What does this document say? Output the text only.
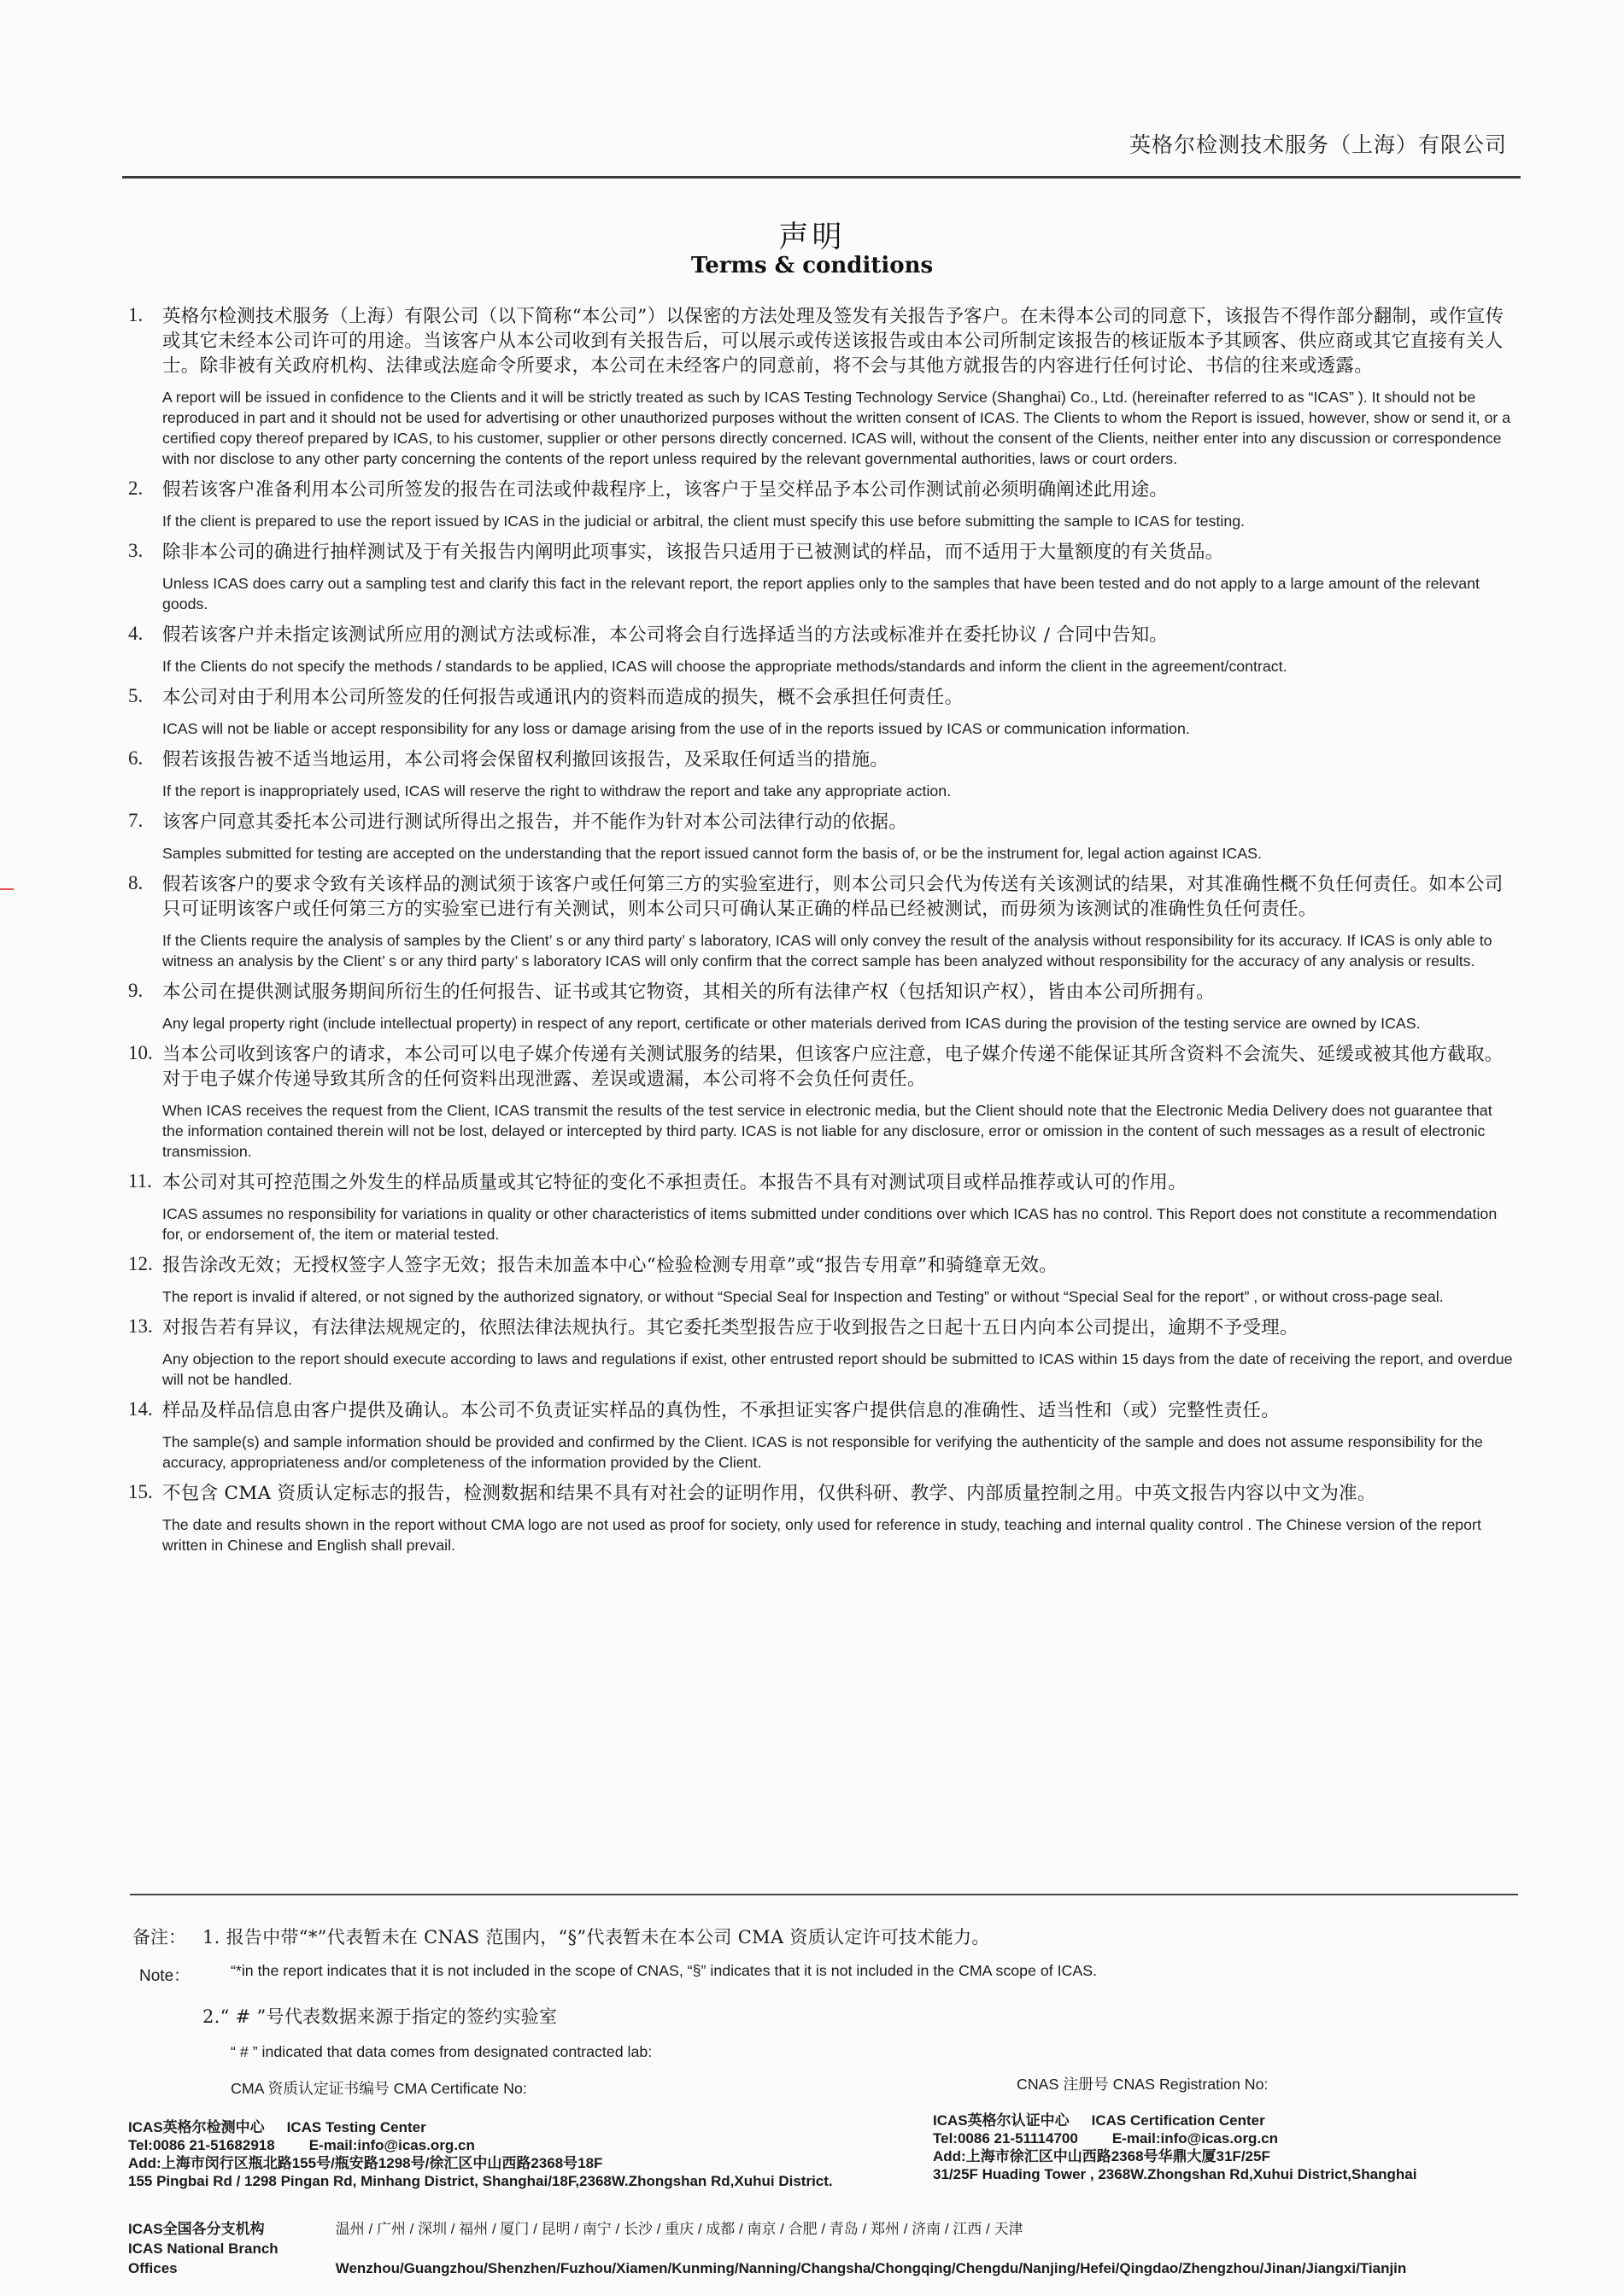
英格尔检测技术服务（上海）有限公司
声明
Terms & conditions
1.	英格尔检测技术服务（上海）有限公司（以下简称“本公司”）以保密的方法处理及签发有关报告予客户。在未得本公司的同意下，该报告不得作部分翻制，或作宣传或其它未经本公司许可的用途。当该客户从本公司收到有关报告后，可以展示或传送该报告或由本公司所制定该报告的核证版本予其顾客、供应商或其它直接有关人士。除非被有关政府机构、法律或法庭命令所要求，本公司在未经客户的同意前，将不会与其他方就报告的内容进行任何讨论、书信的往来或透露。
A report will be issued in confidence to the Clients and it will be strictly treated as such by ICAS Testing Technology Service (Shanghai) Co., Ltd. (hereinafter referred to as “ICAS” ). It should not be reproduced in part and it should not be used for advertising or other unauthorized purposes without the written consent of ICAS. The Clients to whom the Report is issued, however, show or send it, or a certified copy thereof prepared by ICAS, to his customer, supplier or other persons directly concerned. ICAS will, without the consent of the Clients, neither enter into any discussion or correspondence with nor disclose to any other party concerning the contents of the report unless required by the relevant governmental authorities, laws or court orders.
2.	假若该客户准备利用本公司所签发的报告在司法或仲裁程序上，该客户于呈交样品予本公司作测试前必须明确阐述此用途。
If the client is prepared to use the report issued by ICAS in the judicial or arbitral, the client must specify this use before submitting the sample to ICAS for testing.
3.	除非本公司的确进行抽样测试及于有关报告内阐明此项事实，该报告只适用于已被测试的样品，而不适用于大量额度的有关货品。
Unless ICAS does carry out a sampling test and clarify this fact in the relevant report, the report applies only to the samples that have been tested and do not apply to a large amount of the relevant goods.
4.	假若该客户并未指定该测试所应用的测试方法或标准，本公司将会自行选择适当的方法或标准并在委托协议 / 合同中告知。
If the Clients do not specify the methods / standards to be applied, ICAS will choose the appropriate methods/standards and inform the client in the agreement/contract.
5.	本公司对由于利用本公司所签发的任何报告或通讯内的资料而造成的损失，概不会承担任何责任。
ICAS will not be liable or accept responsibility for any loss or damage arising from the use of in the reports issued by ICAS or communication information.
6.	假若该报告被不适当地运用，本公司将会保留权利撤回该报告，及采取任何适当的措施。
If the report is inappropriately used, ICAS will reserve the right to withdraw the report and take any appropriate action.
7.	该客户同意其委托本公司进行测试所得出之报告，并不能作为针对本公司法律行动的依据。
Samples submitted for testing are accepted on the understanding that the report issued cannot form the basis of, or be the instrument for, legal action against ICAS.
8.	假若该客户的要求令致有关该样品的测试须于该客户或任何第三方的实验室进行，则本公司只会代为传送有关该测试的结果，对其准确性概不负任何责任。如本公司只可证明该客户或任何第三方的实验室已进行有关测试，则本公司只可确认某正确的样品已经被测试，而毋须为该测试的准确性负任何责任。
If the Clients require the analysis of samples by the Client’ s or any third party’ s laboratory, ICAS will only convey the result of the analysis without responsibility for its accuracy. If ICAS is only able to witness an analysis by the Client’ s or any third party’ s laboratory ICAS will only confirm that the correct sample has been analyzed without responsibility for the accuracy of any analysis or results.
9.	本公司在提供测试服务期间所衍生的任何报告、证书或其它物资，其相关的所有法律产权（包括知识产权），皆由本公司所拥有。
Any legal property right (include intellectual property) in respect of any report, certificate or other materials derived from ICAS during the provision of the testing service are owned by ICAS.
10. 当本公司收到该客户的请求，本公司可以电子媒介传递有关测试服务的结果，但该客户应注意，电子媒介传递不能保证其所含资料不会流失、延缓或被其他方截取。对于电子媒介传递导致其所含的任何资料出现泄露、差误或遗漏，本公司将不会负任何责任。
When ICAS receives the request from the Client, ICAS transmit the results of the test service in electronic media, but the Client should note that the Electronic Media Delivery does not guarantee that the information contained therein will not be lost, delayed or intercepted by third party. ICAS is not liable for any disclosure, error or omission in the content of such messages as a result of electronic transmission.
11. 本公司对其可控范围之外发生的样品质量或其它特征的变化不承担责任。本报告不具有对测试项目或样品推荐或认可的作用。
ICAS assumes no responsibility for variations in quality or other characteristics of items submitted under conditions over which ICAS has no control. This Report does not constitute a recommendation for, or endorsement of, the item or material tested.
12. 报告涂改无效；无授权签字人签字无效；报告未加盖本中心“检验检测专用章”或“报告专用章”和骑缝章无效。
The report is invalid if altered, or not signed by the authorized signatory, or without “Special Seal for Inspection and Testing” or without “Special Seal for the report” , or without cross-page seal.
13. 对报告若有异议，有法律法规规定的，依照法律法规执行。其它委托类型报告应于收到报告之日起十五日内向本公司提出，逾期不予受理。
Any objection to the report should execute according to laws and regulations if exist, other entrusted report should be submitted to ICAS within 15 days from the date of receiving the report, and overdue will not be handled.
14. 样品及样品信息由客户提供及确认。本公司不负责证实样品的真伪性，不承担证实客户提供信息的准确性、适当性和（或）完整性责任。
The sample(s) and sample information should be provided and confirmed by the Client. ICAS is not responsible for verifying the authenticity of the sample and does not assume responsibility for the accuracy, appropriateness and/or completeness of the information provided by the Client.
15. 不包含 CMA 资质认定标志的报告，检测数据和结果不具有对社会的证明作用，仅供科研、教学、内部质量控制之用。中英文报告内容以中文为准。
The date and results shown in the report without CMA logo are not used as proof for society, only used for reference in study, teaching and internal quality control . The Chinese version of the report written in Chinese and English shall prevail.
备注： 1. 报告中带“*”代表暂未在 CNAS 范围内，“§”代表暂未在本公司 CMA 资质认定许可技术能力。
Note：	“*in the report indicates that it is not included in the scope of CNAS, “§” indicates that it is not included in the CMA scope of ICAS.
2.“ # ”号代表数据来源于指定的签约实验室
“ # ” indicated that data comes from designated contracted lab:
CMA 资质认定证书编号 CMA Certificate No:	CNAS 注册号 CNAS Registration No:
ICAS英格尔检测中心 ICAS Testing Center
Tel:0086 21-51682918 E-mail:info@icas.org.cn
Add:上海市闵行区瓶北路155号/瓶安路1298号/徐汇区中山西路2368号18F
155 Pingbai Rd / 1298 Pingan Rd, Minhang District, Shanghai/18F,2368W.Zhongshan Rd,Xuhui District.
ICAS英格尔认证中心 ICAS Certification Center
Tel:0086 21-51114700 E-mail:info@icas.org.cn
Add:上海市徐汇区中山西路2368号华鼎大厦31F/25F
31/25F Huading Tower , 2368W.Zhongshan Rd,Xuhui District,Shanghai
ICAS全国各分支机构	温州 / 广州 / 深圳 / 福州 / 厦门 / 昆明 / 南宁 / 长沙 / 重庆 / 成都 / 南京 / 合肥 / 青岛 / 郑州 / 济南 / 江西 / 天津
ICAS National Branch Offices	Wenzhou/Guangzhou/Shenzhen/Fuzhou/Xiamen/Kunming/Nanning/Changsha/Chongqing/Chengdu/Nanjing/Hefei/Qingdao/Zhengzhou/Jinan/Jiangxi/Tianjin
